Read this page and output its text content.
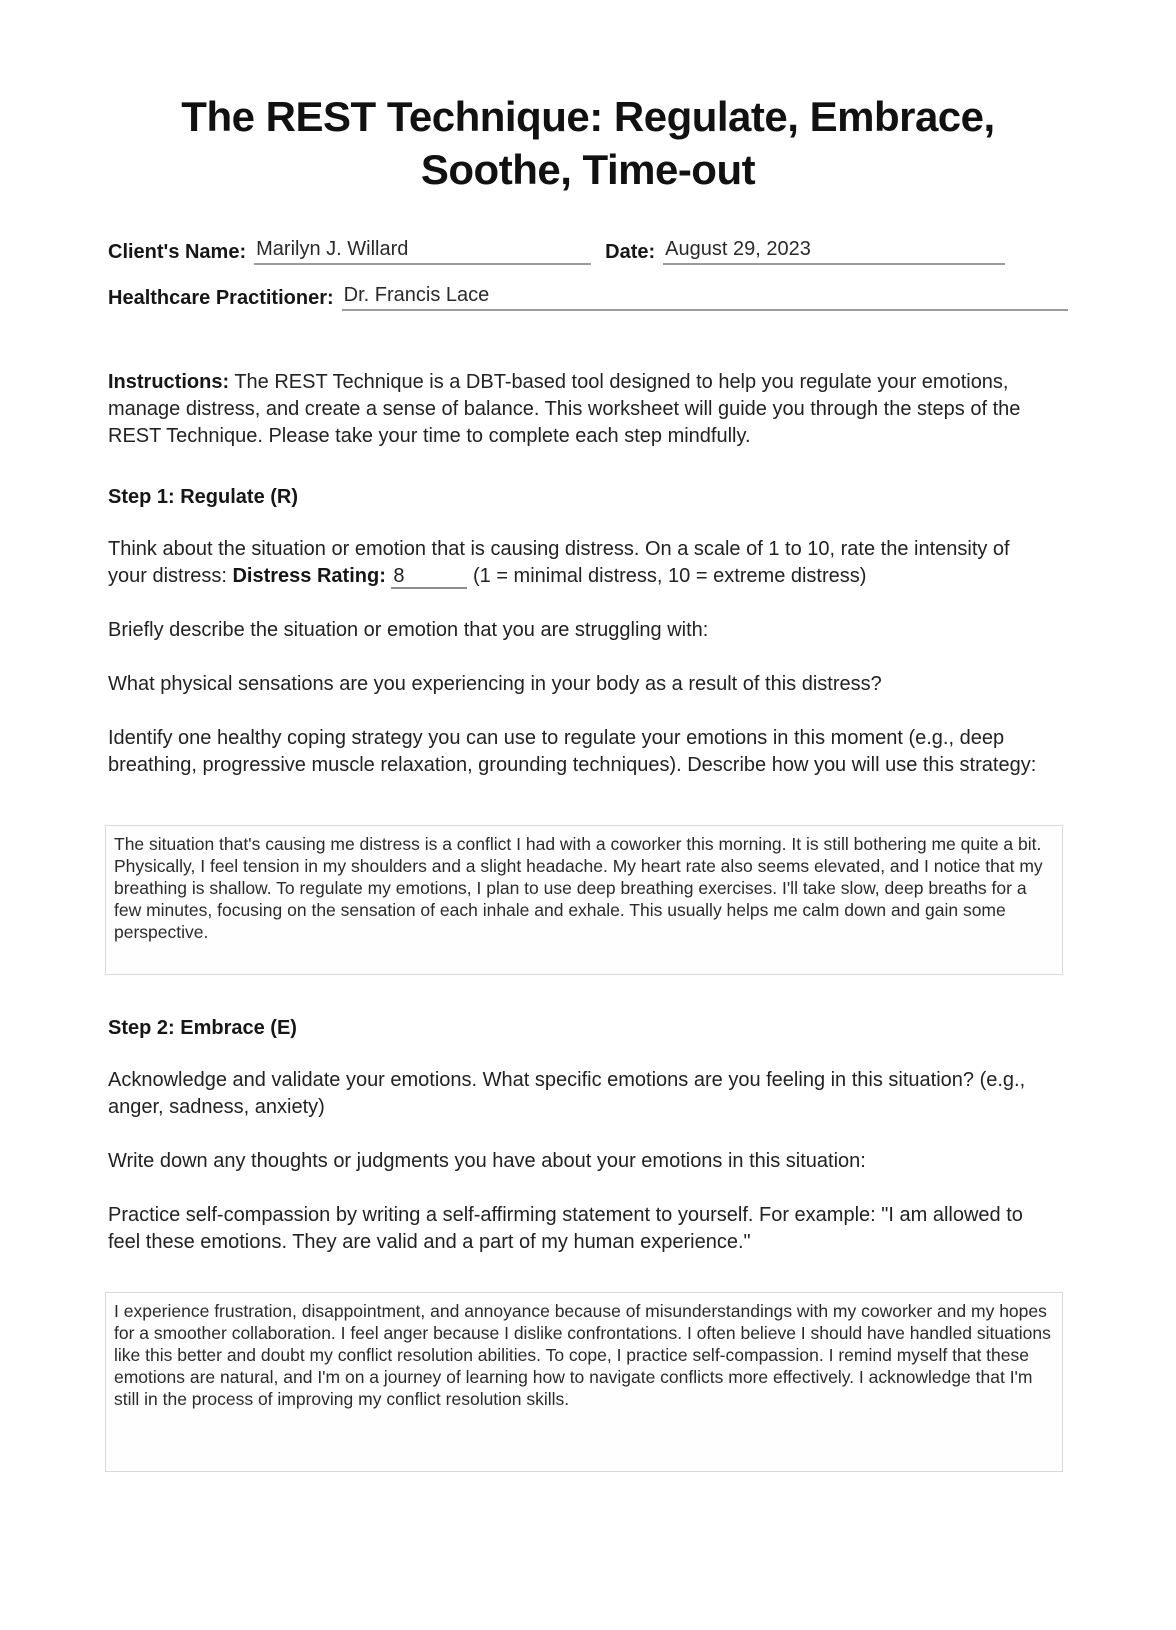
The REST Technique: Regulate, Embrace, Soothe, Time-out
Client's Name: Marilyn J. Willard	Date: August 29, 2023
Healthcare Practitioner: Dr. Francis Lace

Instructions: The REST Technique is a DBT-based tool designed to help you regulate your emotions, manage distress, and create a sense of balance. This worksheet will guide you through the steps of the REST Technique. Please take your time to complete each step mindfully.

Step 1: Regulate (R)

Think about the situation or emotion that is causing distress. On a scale of 1 to 10, rate the intensity of your distress: Distress Rating: 8	(1 = minimal distress, 10 = extreme distress)

Briefly describe the situation or emotion that you are struggling with:

What physical sensations are you experiencing in your body as a result of this distress?

Identify one healthy coping strategy you can use to regulate your emotions in this moment (e.g., deep breathing, progressive muscle relaxation, grounding techniques). Describe how you will use this strategy:

The situation that's causing me distress is a conflict I had with a coworker this morning. It is still bothering me quite a bit. Physically, I feel tension in my shoulders and a slight headache. My heart rate also seems elevated, and I notice that my breathing is shallow. To regulate my emotions, I plan to use deep breathing exercises. I'll take slow, deep breaths for a few minutes, focusing on the sensation of each inhale and exhale. This usually helps me calm down and gain some perspective.
Step 2: Embrace (E)

Acknowledge and validate your emotions. What specific emotions are you feeling in this situation? (e.g., anger, sadness, anxiety)

Write down any thoughts or judgments you have about your emotions in this situation:

Practice self-compassion by writing a self-affirming statement to yourself. For example: "I am allowed to feel these emotions. They are valid and a part of my human experience."

I experience frustration, disappointment, and annoyance because of misunderstandings with my coworker and my hopes for a smoother collaboration. I feel anger because I dislike confrontations. I often believe I should have handled situations like this better and doubt my conflict resolution abilities. To cope, I practice self-compassion. I remind myself that these emotions are natural, and I'm on a journey of learning how to navigate conflicts more effectively. I acknowledge that I'm still in the process of improving my conflict resolution skills.
